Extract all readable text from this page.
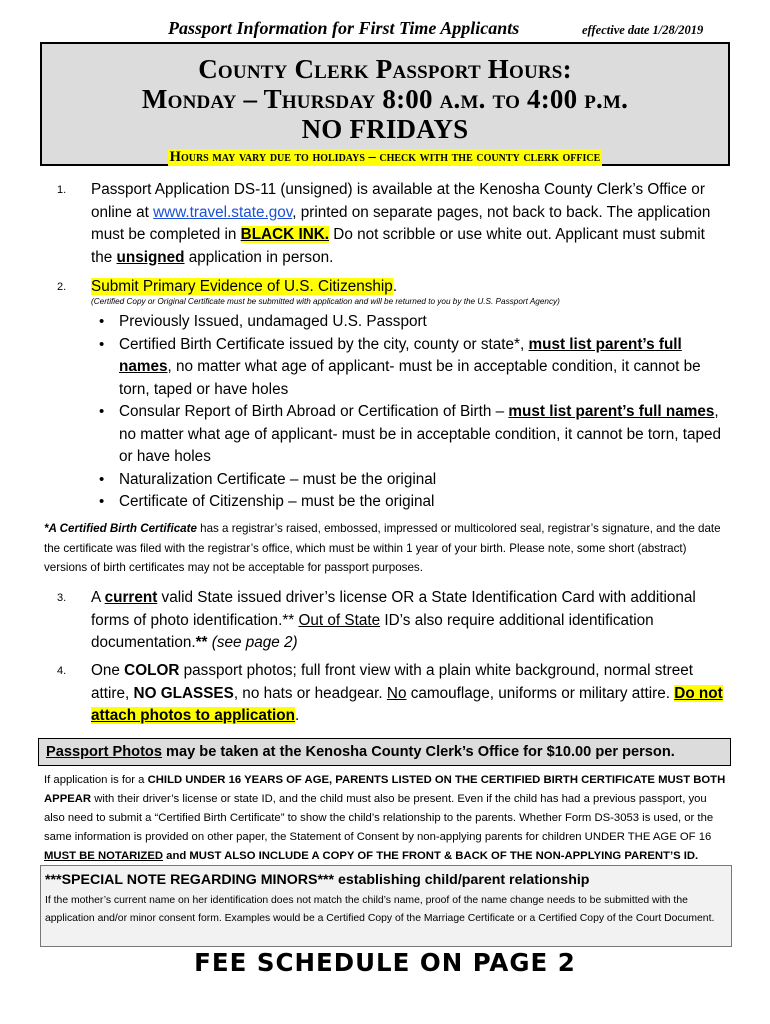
Passport Information for First Time Applicants	effective date 1/28/2019
County Clerk Passport Hours:
Monday – Thursday 8:00 a.m. to 4:00 p.m.
NO FRIDAYS
Hours may vary due to holidays – check with the county clerk office
1. Passport Application DS-11 (unsigned) is available at the Kenosha County Clerk’s Office or online at www.travel.state.gov, printed on separate pages, not back to back. The application must be completed in BLACK INK. Do not scribble or use white out. Applicant must submit the unsigned application in person.
2. Submit Primary Evidence of U.S. Citizenship.
(Certified Copy or Original Certificate must be submitted with application and will be returned to you by the U.S. Passport Agency)
• Previously Issued, undamaged U.S. Passport
• Certified Birth Certificate issued by the city, county or state*, must list parent’s full names, no matter what age of applicant- must be in acceptable condition, it cannot be torn, taped or have holes
• Consular Report of Birth Abroad or Certification of Birth – must list parent’s full names, no matter what age of applicant- must be in acceptable condition, it cannot be torn, taped or have holes
• Naturalization Certificate – must be the original
• Certificate of Citizenship – must be the original
*A Certified Birth Certificate has a registrar’s raised, embossed, impressed or multicolored seal, registrar’s signature, and the date the certificate was filed with the registrar’s office, which must be within 1 year of your birth. Please note, some short (abstract) versions of birth certificates may not be acceptable for passport purposes.
3. A current valid State issued driver’s license OR a State Identification Card with additional forms of photo identification.** Out of State ID’s also require additional identification documentation.** (see page 2)
4. One COLOR passport photos; full front view with a plain white background, normal street attire, NO GLASSES, no hats or headgear. No camouflage, uniforms or military attire. Do not attach photos to application.
Passport Photos may be taken at the Kenosha County Clerk’s Office for $10.00 per person.
If application is for a CHILD UNDER 16 YEARS OF AGE, PARENTS LISTED ON THE CERTIFIED BIRTH CERTIFICATE MUST BOTH APPEAR with their driver’s license or state ID, and the child must also be present. Even if the child has had a previous passport, you also need to submit a “Certified Birth Certificate” to show the child’s relationship to the parents. Whether Form DS-3053 is used, or the same information is provided on other paper, the Statement of Consent by non-applying parents for children UNDER THE AGE OF 16 MUST BE NOTARIZED and MUST ALSO INCLUDE A COPY OF THE FRONT & BACK OF THE NON-APPLYING PARENT’S ID.
***SPECIAL NOTE REGARDING MINORS*** establishing child/parent relationship
If the mother’s current name on her identification does not match the child’s name, proof of the name change needs to be submitted with the application and/or minor consent form. Examples would be a Certified Copy of the Marriage Certificate or a Certified Copy of the Court Document.
FEE SCHEDULE ON PAGE 2
